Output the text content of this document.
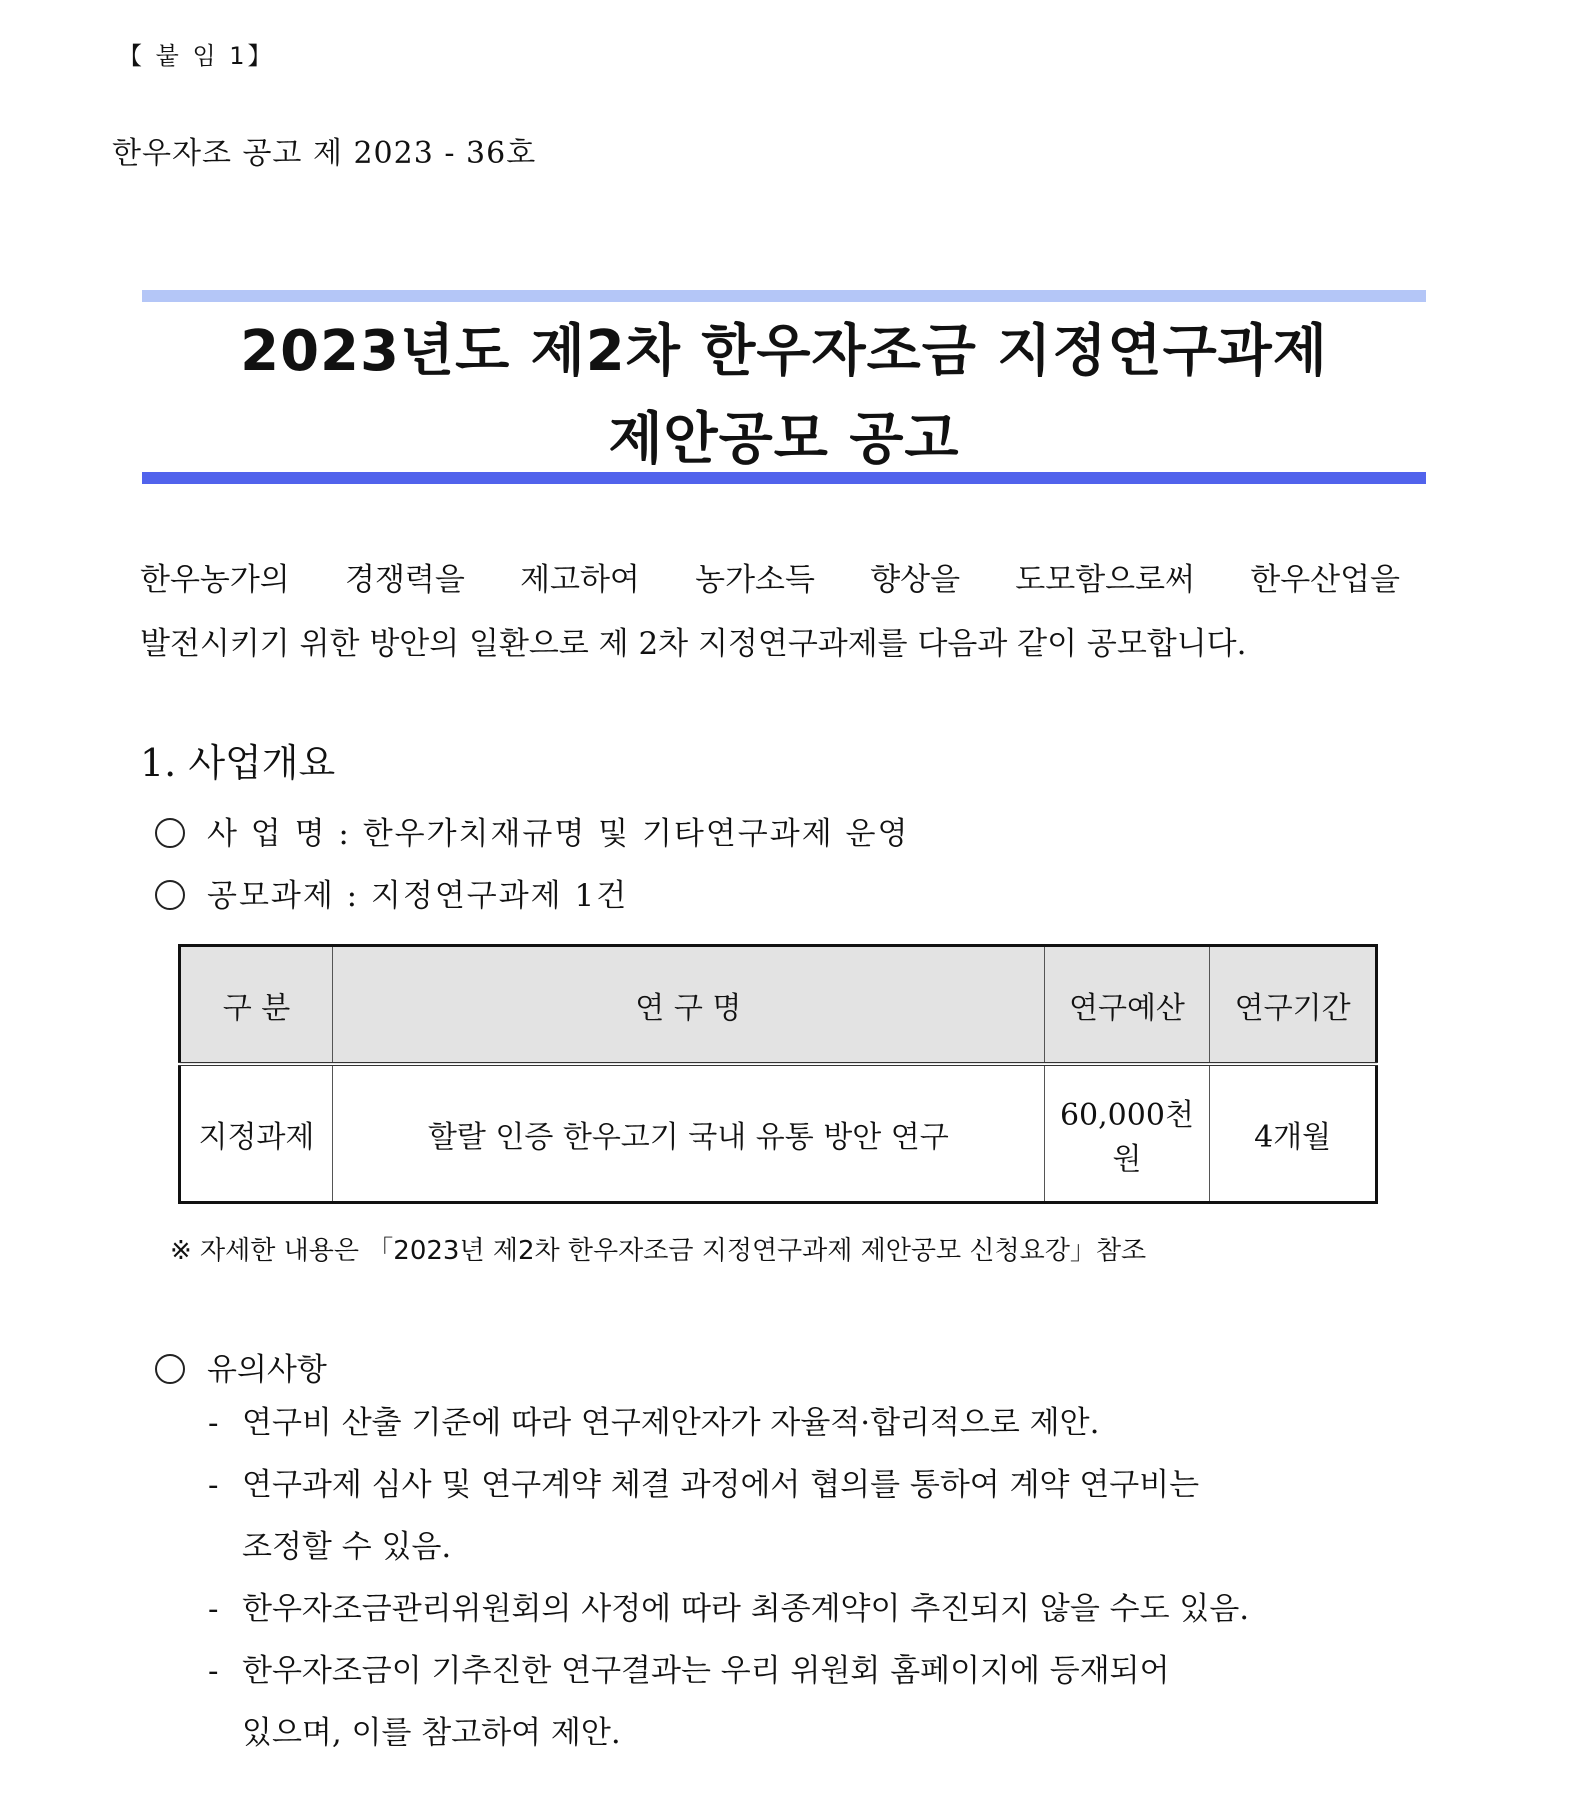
【 붙 임 1】
한우자조 공고 제 2023 - 36호
2023년도 제2차 한우자조금 지정연구과제
제안공모 공고
한우농가의 경쟁력을 제고하여 농가소득 향상을 도모함으로써 한우산업을
발전시키기 위한 방안의 일환으로 제 2차 지정연구과제를 다음과 같이 공모합니다.
1. 사업개요
사 업 명 : 한우가치재규명 및 기타연구과제 운영
공모과제 : 지정연구과제 1건
구 분	연 구 명	연구예산	연구기간
지정과제	할랄 인증 한우고기 국내 유통 방안 연구	60,000천원	4개월
※ 자세한 내용은 「2023년 제2차 한우자조금 지정연구과제 제안공모 신청요강」참조
유의사항
- 연구비 산출 기준에 따라 연구제안자가 자율적·합리적으로 제안.
- 연구과제 심사 및 연구계약 체결 과정에서 협의를 통하여 계약 연구비는
조정할 수 있음.
- 한우자조금관리위원회의 사정에 따라 최종계약이 추진되지 않을 수도 있음.
- 한우자조금이 기추진한 연구결과는 우리 위원회 홈페이지에 등재되어
있으며, 이를 참고하여 제안.
